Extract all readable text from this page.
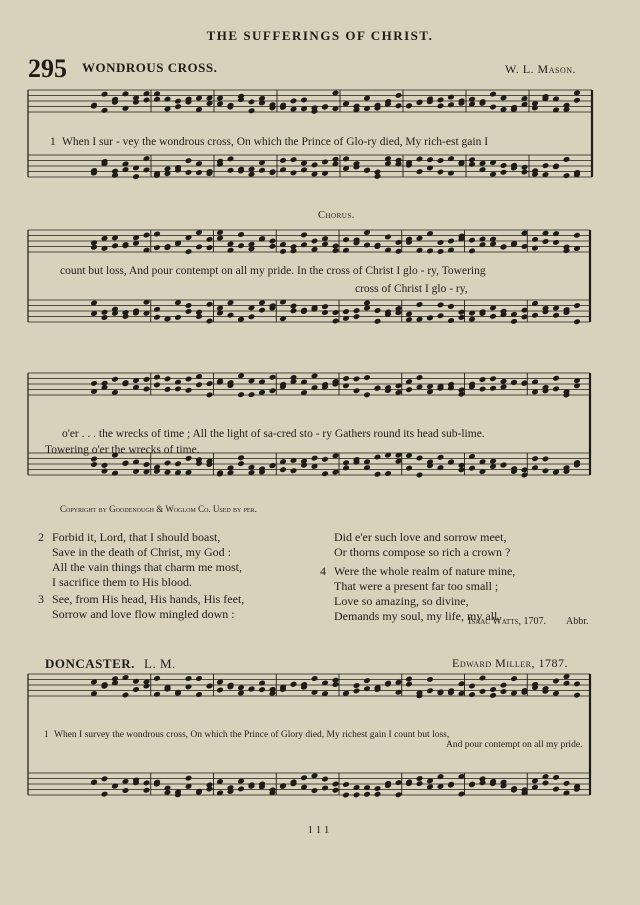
THE SUFFERINGS OF CHRIST.
295 WONDROUS CROSS.	W. L. Mason.
1 When I sur - vey the wondrous cross, On which the Prince of Glo-ry died, My rich-est gain I
Chorus.
count but loss, And pour contempt on all my pride. In the cross of Christ I glo - ry, Towering
cross of Christ I glo - ry,
o'er . . . the wrecks of time ; All the light of sa-cred sto - ry Gathers round its head sub-lime.
Towering o'er the wrecks of time.
Copyright by Goodenough & Woglom Co. Used by per.
2 Forbid it, Lord, that I should boast,
Save in the death of Christ, my God :
All the vain things that charm me most,
I sacrifice them to His blood.
3 See, from His head, His hands, His feet,
Sorrow and love flow mingled down :
Did e'er such love and sorrow meet,
Or thorns compose so rich a crown ?
4 Were the whole realm of nature mine,
That were a present far too small ;
Love so amazing, so divine,
Demands my soul, my life, my all.
Isaac Watts, 1707. Abbr.
DONCASTER. L. M.	Edward Miller, 1787.
1 When I survey the wondrous cross, On which the Prince of Glory died, My richest gain I count but loss,
And pour contempt on all my pride.
111
